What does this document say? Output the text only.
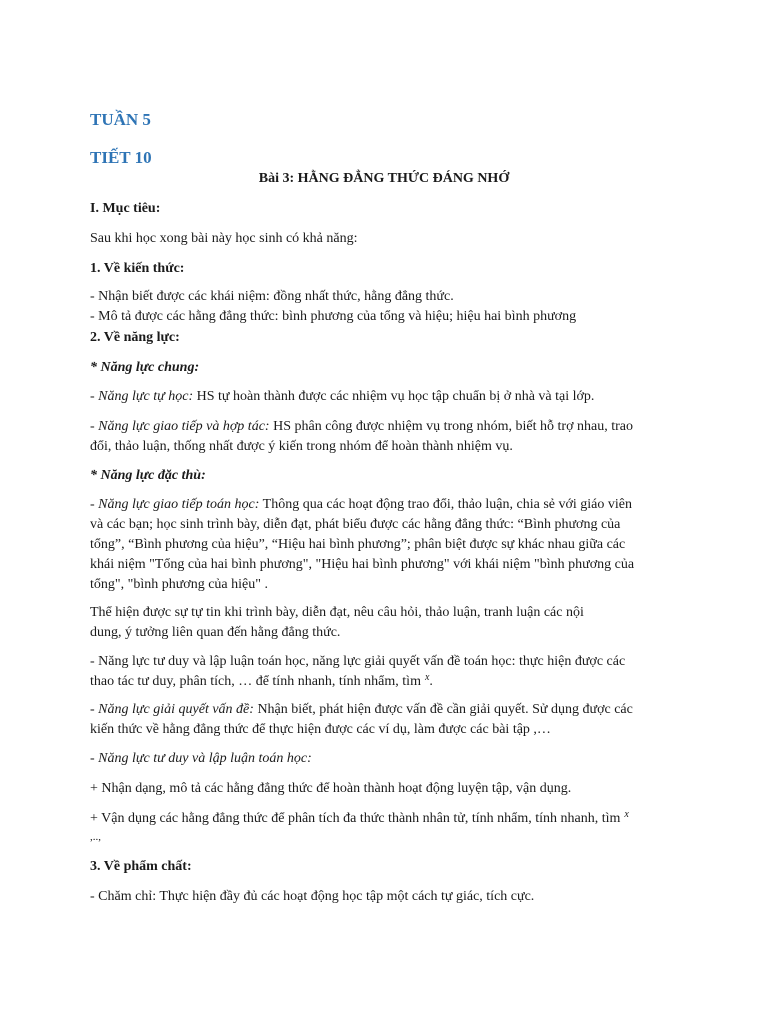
TUẦN 5
TIẾT 10
Bài 3: HẰNG ĐẲNG THỨC ĐÁNG NHỚ
I. Mục tiêu:
Sau khi học xong bài này học sinh có khả năng:
1. Về kiến thức:
- Nhận biết được các khái niệm: đồng nhất thức, hằng đẳng thức.
- Mô tả được các hằng đẳng thức: bình phương của tổng và hiệu; hiệu hai bình phương
2. Về năng lực:
* Năng lực chung:
- Năng lực tự học: HS tự hoàn thành được các nhiệm vụ học tập chuẩn bị ở nhà và tại lớp.
- Năng lực giao tiếp và hợp tác: HS phân công được nhiệm vụ trong nhóm, biết hỗ trợ nhau, trao
đổi, thảo luận, thống nhất được ý kiến trong nhóm để hoàn thành nhiệm vụ.
* Năng lực đặc thù:
- Năng lực giao tiếp toán học: Thông qua các hoạt động trao đổi, thảo luận, chia sẻ với giáo viên
và các bạn; học sinh trình bày, diễn đạt, phát biểu được các hằng đẳng thức: “Bình phương của
tổng”, “Bình phương của hiệu”, “Hiệu hai bình phương”; phân biệt được sự khác nhau giữa các
khái niệm "Tổng của hai bình phương", "Hiệu hai bình phương" với khái niệm "bình phương của
tổng", "bình phương của hiệu" .
Thể hiện được sự tự tin khi trình bày, diễn đạt, nêu câu hỏi, thảo luận, tranh luận các nội
dung, ý tưởng liên quan đến hằng đẳng thức.
- Năng lực tư duy và lập luận toán học, năng lực giải quyết vấn đề toán học: thực hiện được các
thao tác tư duy, phân tích, … để tính nhanh, tính nhẩm, tìm $^x$.
- Năng lực giải quyết vấn đề: Nhận biết, phát hiện được vấn đề cần giải quyết. Sử dụng được các
kiến thức về hằng đẳng thức để thực hiện được các ví dụ, làm được các bài tập ,…
- Năng lực tư duy và lập luận toán học:
+ Nhận dạng, mô tả các hằng đẳng thức để hoàn thành hoạt động luyện tập, vận dụng.
+ Vận dụng các hằng đẳng thức để phân tích đa thức thành nhân tử, tính nhẩm, tính nhanh, tìm $^x$
,..,
3. Về phẩm chất:
- Chăm chỉ: Thực hiện đầy đủ các hoạt động học tập một cách tự giác, tích cực.
